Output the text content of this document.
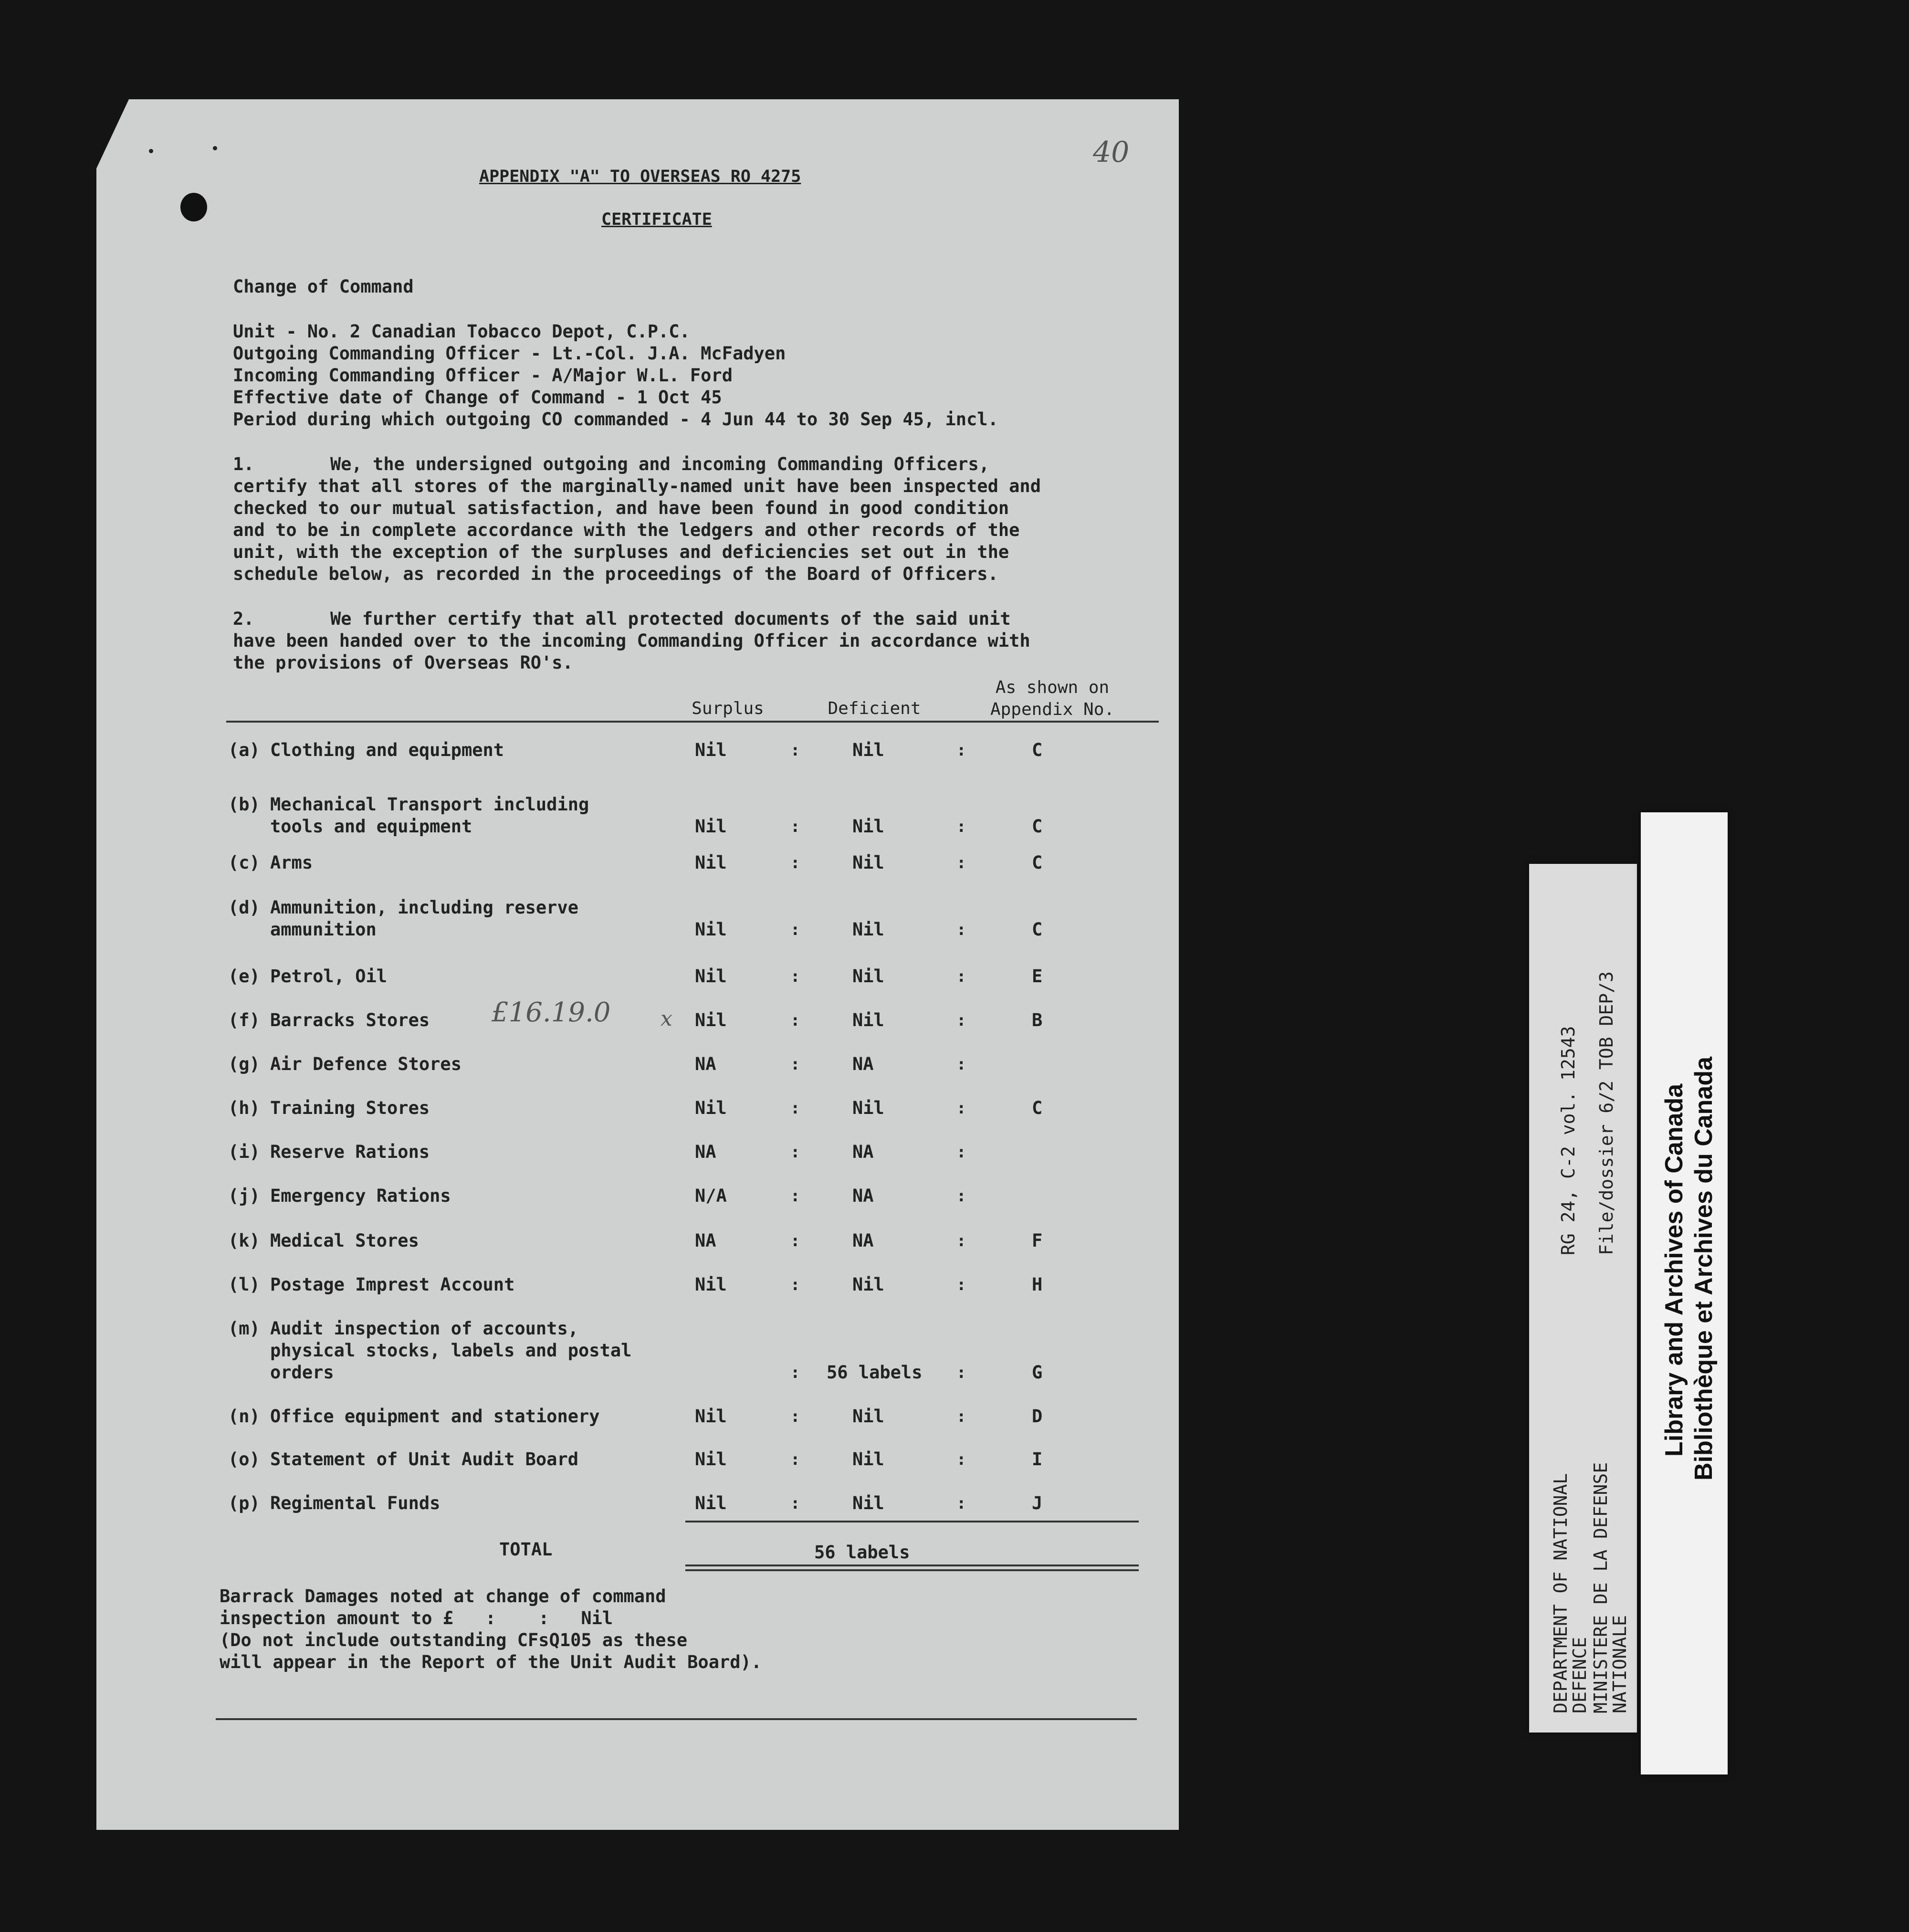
40
APPENDIX "A" TO OVERSEAS RO 4275
CERTIFICATE
Change of Command
Unit - No. 2 Canadian Tobacco Depot, C.P.C.
Outgoing Commanding Officer - Lt.-Col. J.A. McFadyen
Incoming Commanding Officer - A/Major W.L. Ford
Effective date of Change of Command - 1 Oct 45
Period during which outgoing CO commanded - 4 Jun 44 to 30 Sep 45, incl.
1.	We, the undersigned outgoing and incoming Commanding Officers,
certify that all stores of the marginally-named unit have been inspected and
checked to our mutual satisfaction, and have been found in good condition
and to be in complete accordance with the ledgers and other records of the
unit, with the exception of the surpluses and deficiencies set out in the
schedule below, as recorded in the proceedings of the Board of Officers.
2.	We further certify that all protected documents of the said unit
have been handed over to the incoming Commanding Officer in accordance with
the provisions of Overseas RO's.
Surplus	Deficient
As shown on
Appendix No.
(a) Clothing and equipment	Nil	:	Nil	:	C
(b) Mechanical Transport including
tools and equipment	Nil	:	Nil	:	C
(c) Arms	Nil	:	Nil	:	C
(d) Ammunition, including reserve
ammunition	Nil	:	Nil	:	C
(e) Petrol, Oil	Nil	:	Nil	:	E
(f) Barracks Stores	Nil	:	Nil	:	B
(g) Air Defence Stores	NA	:	NA	:
(h) Training Stores	Nil	:	Nil	:	C
(i) Reserve Rations	NA	:	NA	:
(j) Emergency Rations	N/A	:	NA	:
(k) Medical Stores	NA	:	NA	:	F
(l) Postage Imprest Account	Nil	:	Nil	:	H
(m) Audit inspection of accounts,
physical stocks, labels and postal
orders	: 56 labels :	G
(n) Office equipment and stationery	Nil	:	Nil	:	D
(o) Statement of Unit Audit Board	Nil	:	Nil	:	I
(p) Regimental Funds	Nil	:	Nil	:	J
£16.19.0 x
TOTAL	56 labels
Barrack Damages noted at change of command
inspection amount to £   :    :   Nil
(Do not include outstanding CFsQ105 as these
will appear in the Report of the Unit Audit Board).	DEPARTMENT OF NATIONAL
DEFENCE MINISTERE DE LA DEFENSE
NATIONALE
RG 24, C-2 vol. 12543 File/dossier 6/2 TOB DEP/3 Library and Archives of Canada Bibliothèque et Archives du Canada
